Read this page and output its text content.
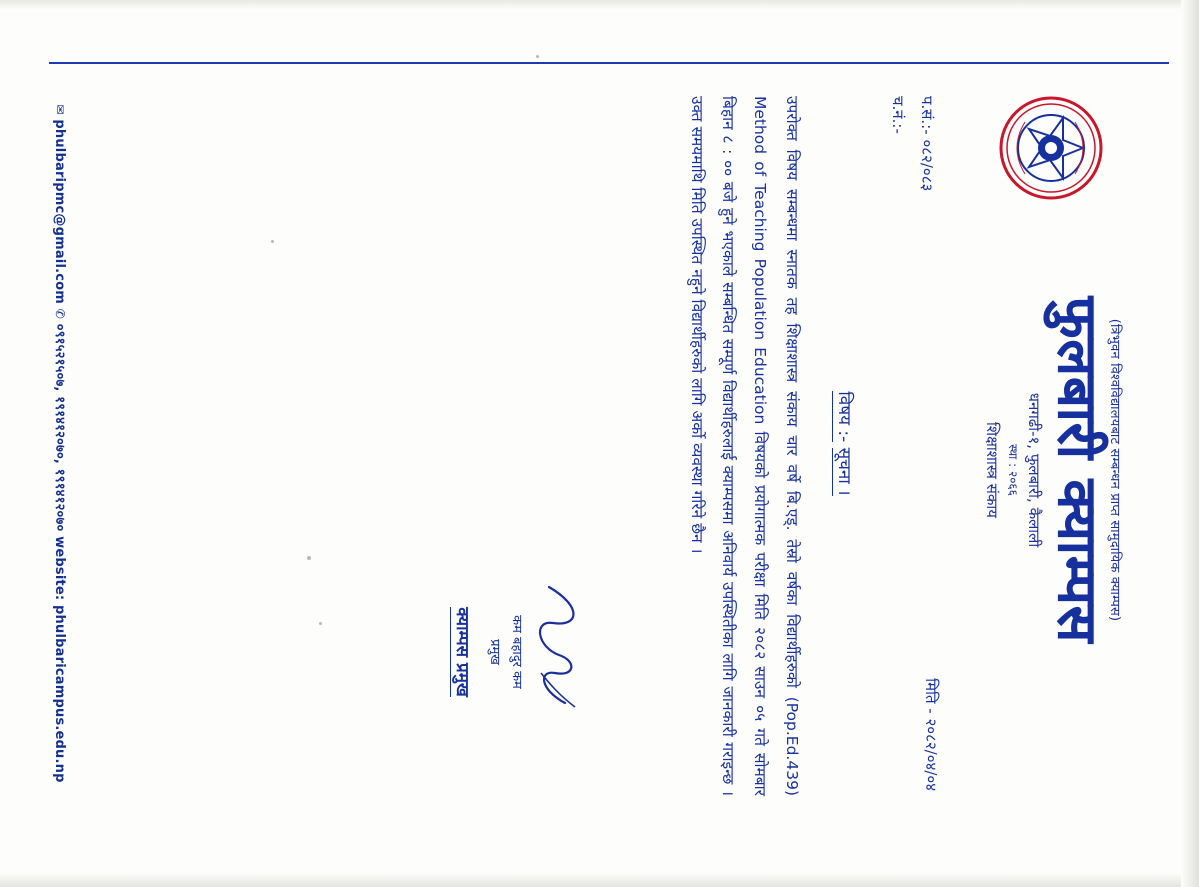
(त्रिभुवन विश्वविद्यालयबाट सम्बन्धन प्राप्त सामुदायिक क्याम्पस)
फुलबारी क्याम्पस
धनगढी-१, फुलबारी, कैलाली
स्था : २०६६
शिक्षाशास्त्र संकाय
प.सं.:- ०८२/०८३
च.नं.:-
मिति - २०८२/०४/०४
विषय :- सूचना ।

उपरोक्त विषय सम्बन्धमा स्नातक तह शिक्षाशास्त्र संकाय चार वर्षे बि.एड्. तेस्रो वर्षका विद्यार्थीहरुको (Pop.Ed.439) Method of Teaching Population Education विषयको प्रयोगात्मक परीक्षा मिति २०८२ साउन ०५ गते सोमबार बिहान ८ : ०० बजे हुने भएकाले सम्बन्धित सम्पूर्ण विद्यार्थीहरुलाई क्याम्पसमा अनिवार्य उपस्थितीका लागि जानकारी गराइन्छ । उक्त समयमाथि मिति उपस्थित नहुने विद्यार्थीहरुको लागि अर्को व्यवस्था गरिने छैन ।

कम बहादुर कम
प्रमुख
क्याम्पस प्रमुख
✉ phulbaripmc@gmail.com ✆ ०९१५२१५०७, १९१४१२०७०, १९१४१२०७० website: phulbaricampus.edu.np
